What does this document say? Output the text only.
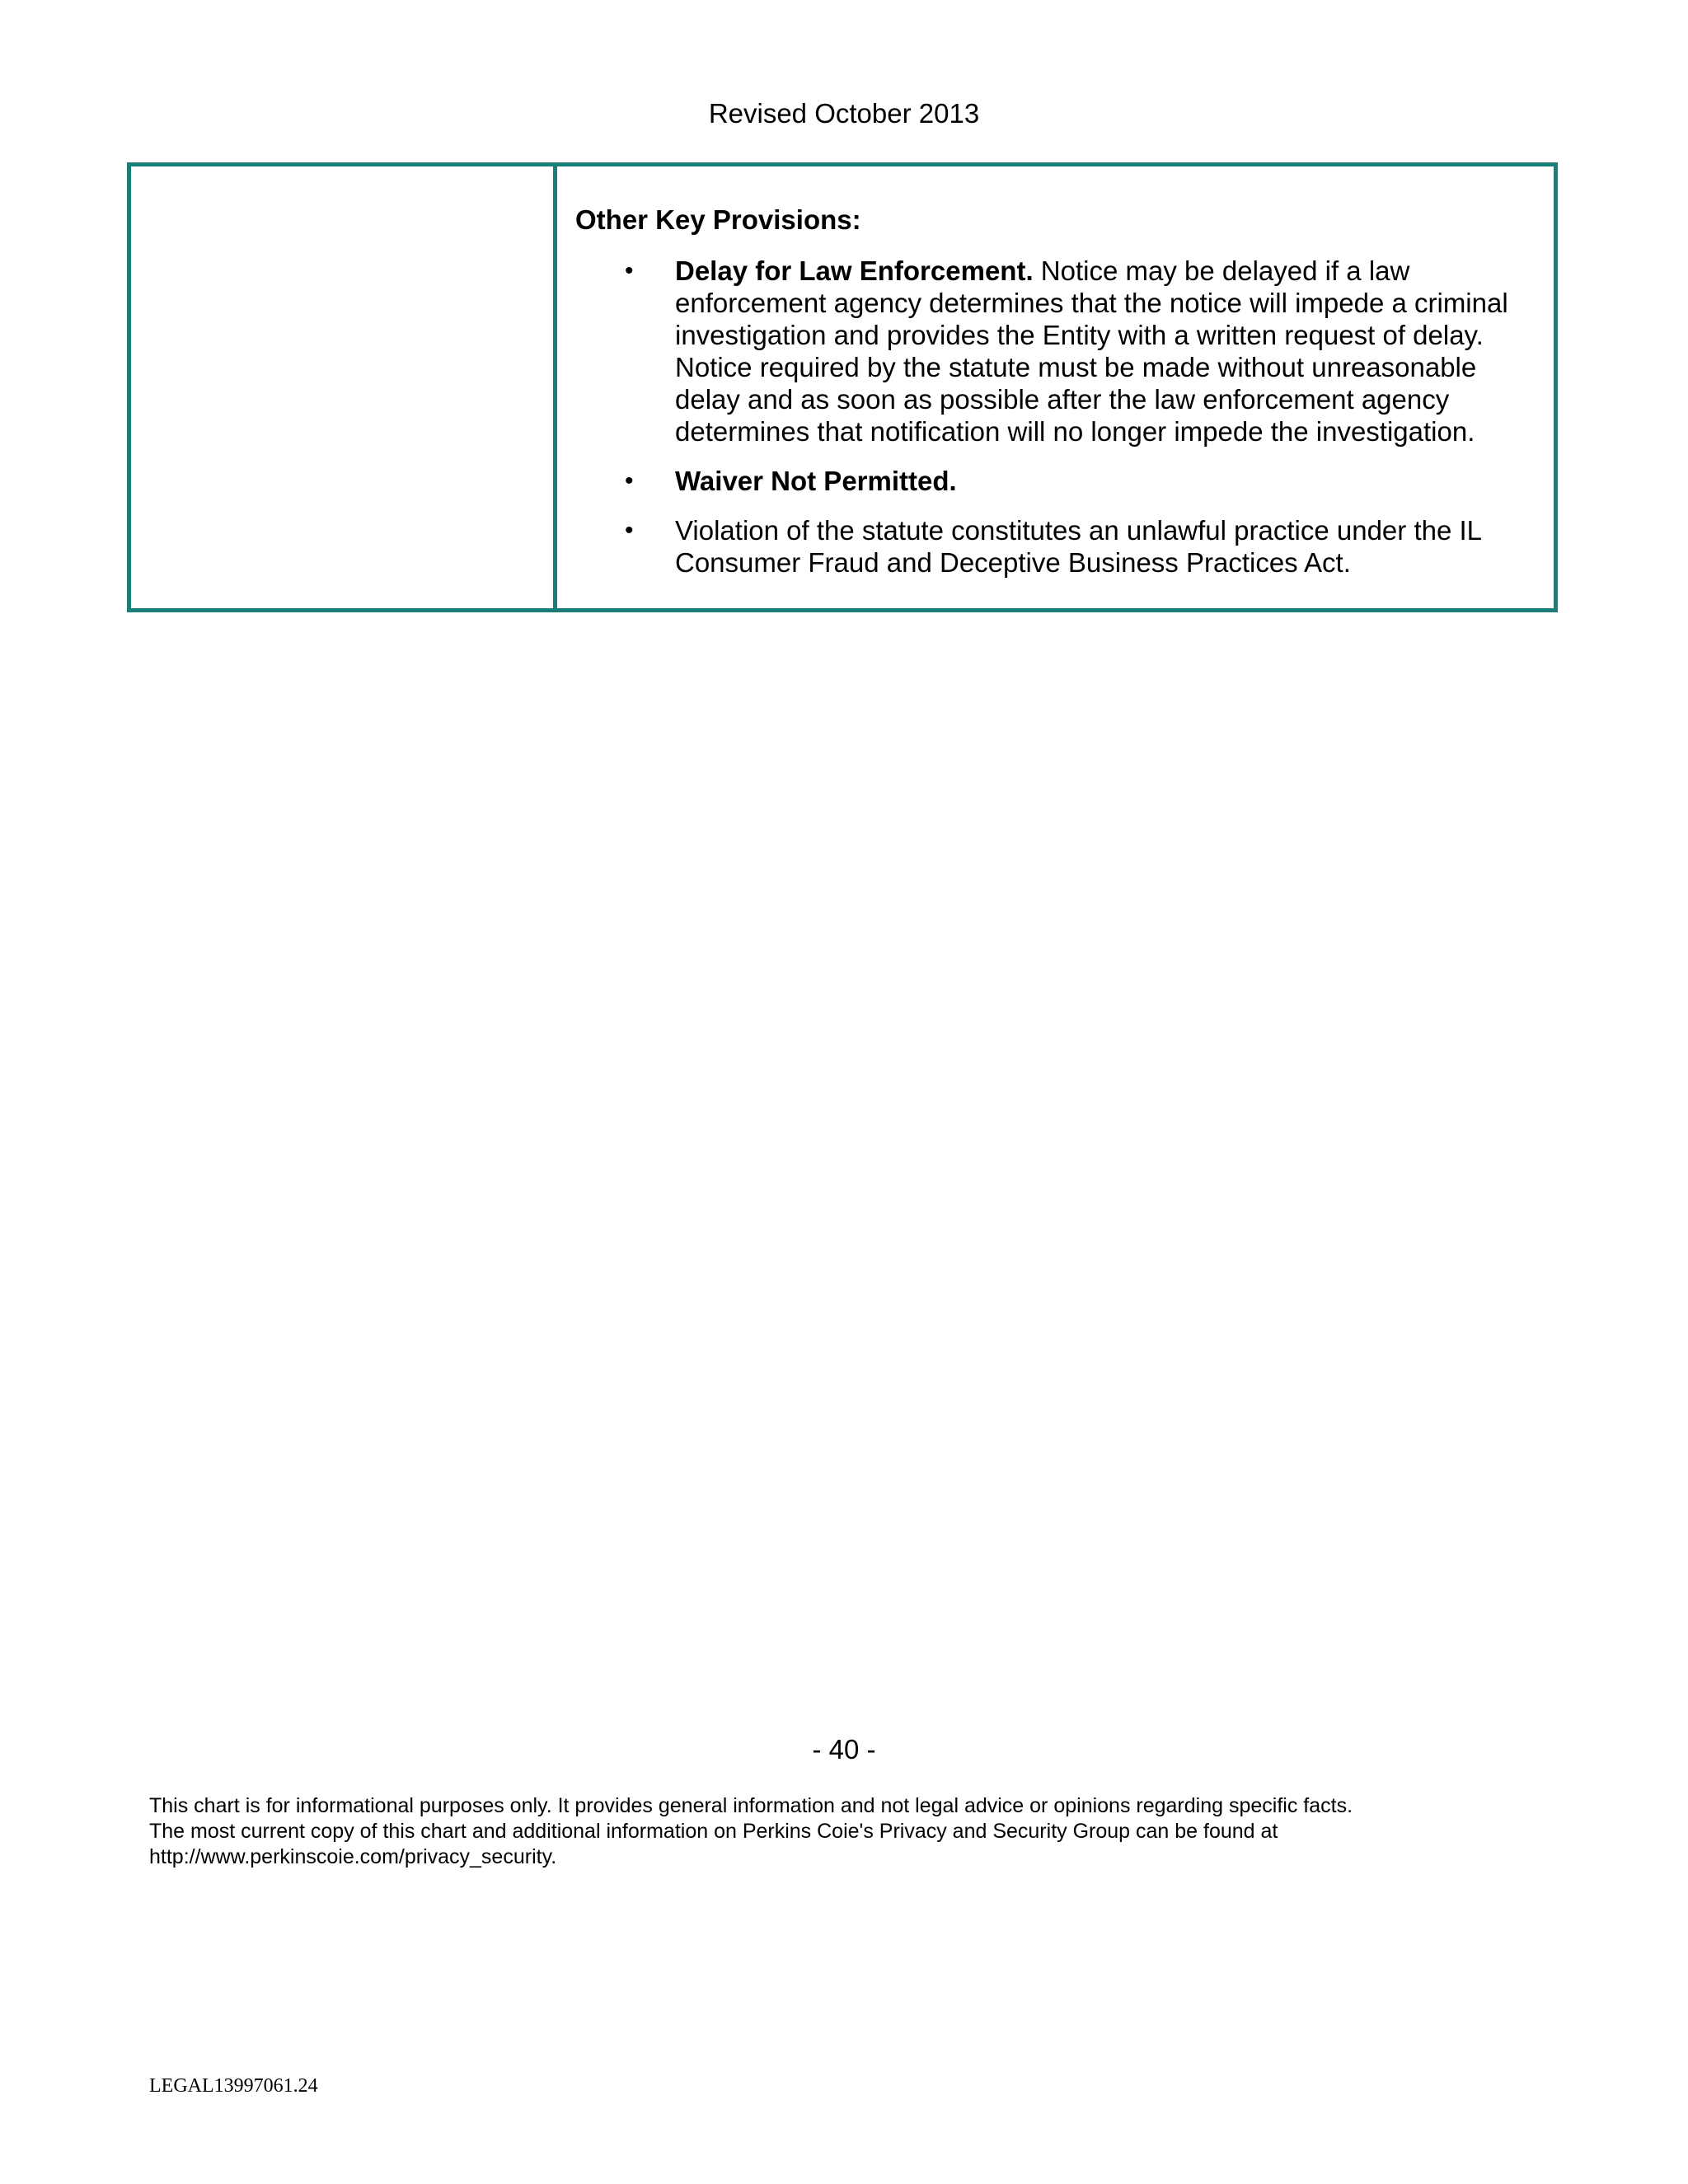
Revised October 2013
Other Key Provisions:
• Delay for Law Enforcement. Notice may be delayed if a law enforcement agency determines that the notice will impede a criminal investigation and provides the Entity with a written request of delay. Notice required by the statute must be made without unreasonable delay and as soon as possible after the law enforcement agency determines that notification will no longer impede the investigation.
• Waiver Not Permitted.
• Violation of the statute constitutes an unlawful practice under the IL Consumer Fraud and Deceptive Business Practices Act.
- 40 -
This chart is for informational purposes only. It provides general information and not legal advice or opinions regarding specific facts.
The most current copy of this chart and additional information on Perkins Coie's Privacy and Security Group can be found at
http://www.perkinscoie.com/privacy_security.
LEGAL13997061.24
